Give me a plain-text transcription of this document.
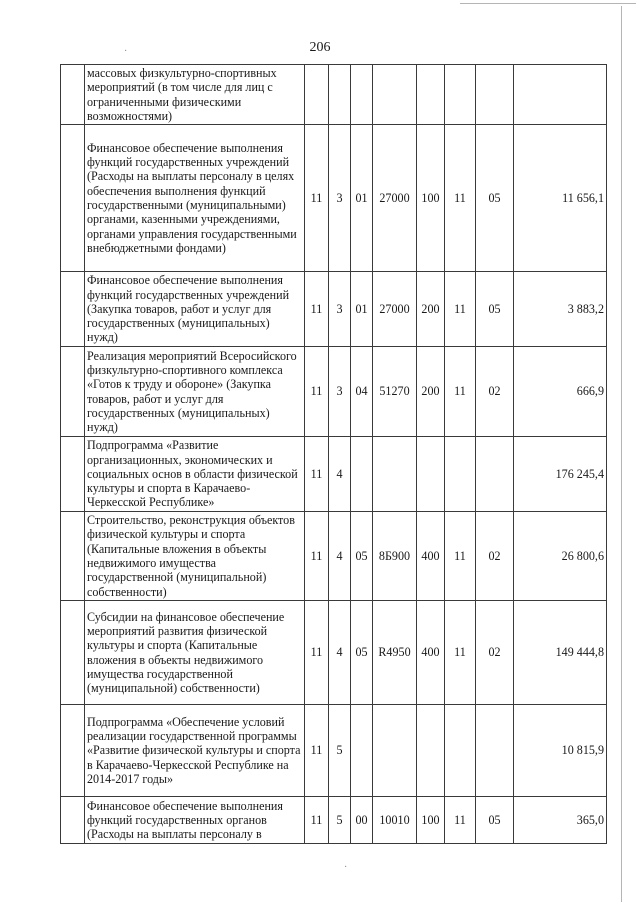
·
·
206
	массовых физкультурно-спортивных мероприятий (в том числе для лиц с ограниченными физическими возможностями)								
	Финансовое обеспечение выполнения функций государственных учреждений (Расходы на выплаты персоналу в целях обеспечения выполнения функций государственными (муниципальными) органами, казенными учреждениями, органами управления государственными внебюджетными фондами)	11	3	01	27000	100	11	05	11 656,1
	Финансовое обеспечение выполнения функций государственных учреждений (Закупка товаров, работ и услуг для государственных (муниципальных) нужд)	11	3	01	27000	200	11	05	3 883,2
	Реализация мероприятий Всеросийского физкультурно-спортивного комплекса «Готов к труду и обороне» (Закупка товаров, работ и услуг для государственных (муниципальных) нужд)	11	3	04	51270	200	11	02	666,9
	Подпрограмма «Развитие организационных, экономических и социальных основ в области физической культуры и спорта в Карачаево-Черкесской Республике»	11	4						176 245,4
	Строительство, реконструкция объектов физической культуры и спорта (Капитальные вложения в объекты недвижимого имущества государственной (муниципальной) собственности)	11	4	05	8Б900	400	11	02	26 800,6
	Субсидии на финансовое обеспечение мероприятий развития физической культуры и спорта (Капитальные вложения в объекты недвижимого имущества государственной (муниципальной) собственности)	11	4	05	R4950	400	11	02	149 444,8
	Подпрограмма «Обеспечение условий реализации государственной программы «Развитие физической культуры и спорта в Карачаево-Черкесской Республике на 2014-2017 годы»	11	5						10 815,9
	Финансовое обеспечение выполнения функций государственных органов (Расходы на выплаты персоналу в	11	5	00	10010	100	11	05	365,0
